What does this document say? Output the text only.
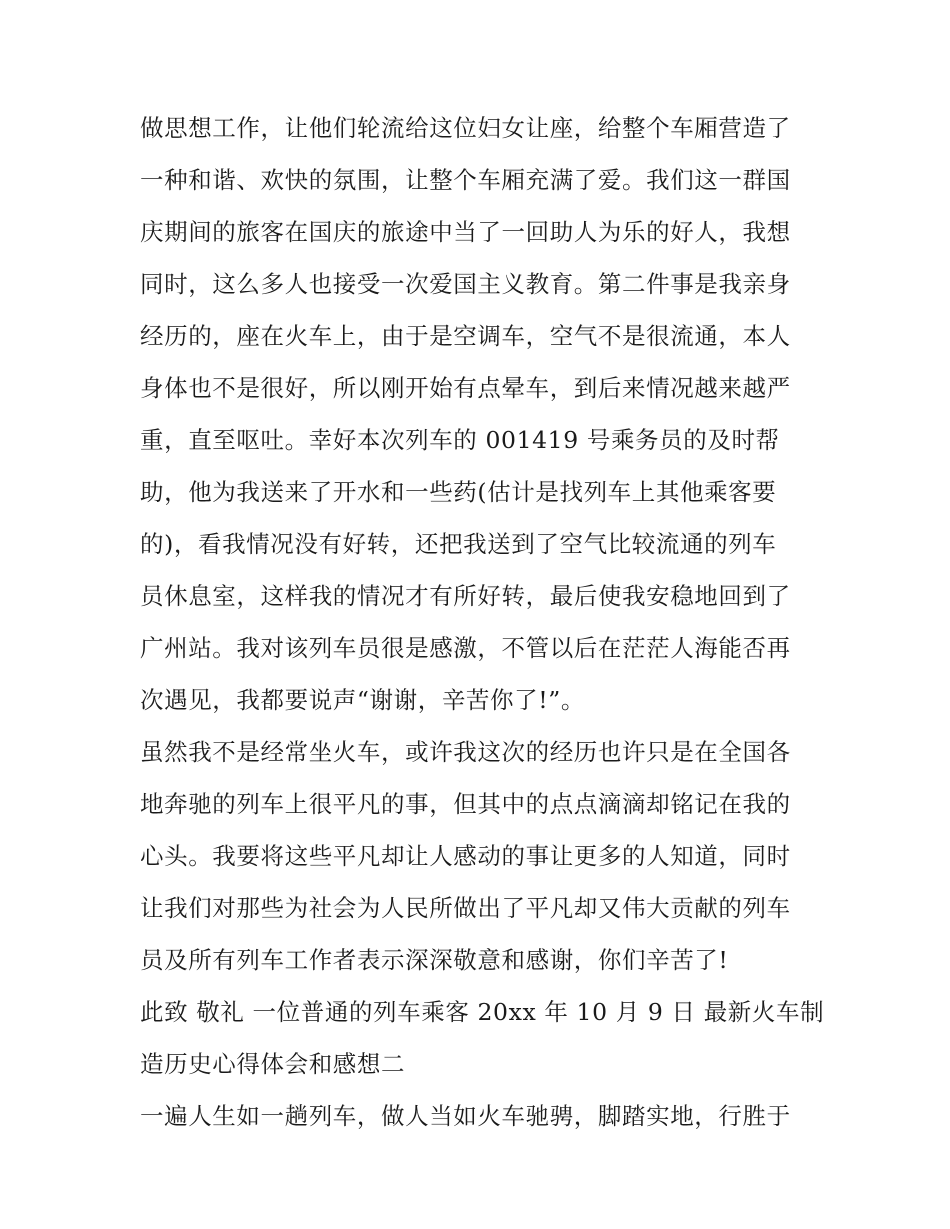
做思想工作，让他们轮流给这位妇女让座，给整个车厢营造了
一种和谐、欢快的氛围，让整个车厢充满了爱。我们这一群国
庆期间的旅客在国庆的旅途中当了一回助人为乐的好人，我想
同时，这么多人也接受一次爱国主义教育。第二件事是我亲身
经历的，座在火车上，由于是空调车，空气不是很流通，本人
身体也不是很好，所以刚开始有点晕车，到后来情况越来越严
重，直至呕吐。幸好本次列车的 001419 号乘务员的及时帮
助，他为我送来了开水和一些药(估计是找列车上其他乘客要
的)，看我情况没有好转，还把我送到了空气比较流通的列车
员休息室，这样我的情况才有所好转，最后使我安稳地回到了
广州站。我对该列车员很是感激，不管以后在茫茫人海能否再
次遇见，我都要说声“谢谢，辛苦你了!”。
虽然我不是经常坐火车，或许我这次的经历也许只是在全国各
地奔驰的列车上很平凡的事，但其中的点点滴滴却铭记在我的
心头。我要将这些平凡却让人感动的事让更多的人知道，同时
让我们对那些为社会为人民所做出了平凡却又伟大贡献的列车
员及所有列车工作者表示深深敬意和感谢，你们辛苦了!
此致 敬礼 一位普通的列车乘客 20xx 年 10 月 9 日 最新火车制
造历史心得体会和感想二
一遍人生如一趟列车，做人当如火车驰骋，脚踏实地，行胜于
